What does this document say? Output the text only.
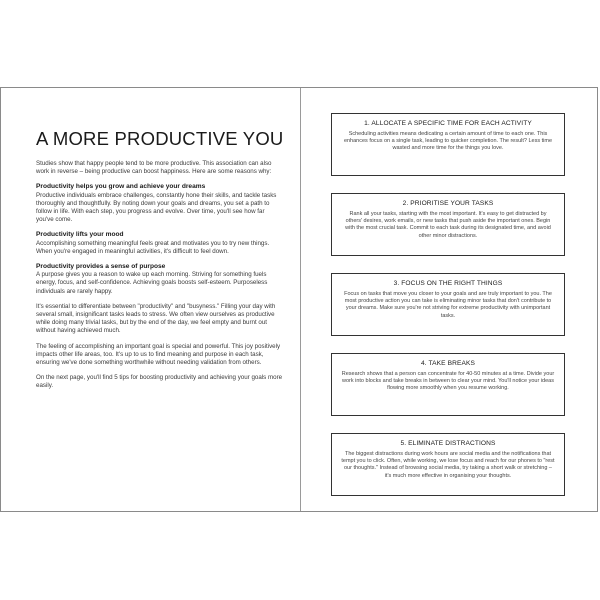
A MORE PRODUCTIVE YOU

Studies show that happy people tend to be more productive. This association can also work in reverse – being productive can boost happiness. Here are some reasons why:

Productivity helps you grow and achieve your dreams

Productive individuals embrace challenges, constantly hone their skills, and tackle tasks thoroughly and thoughtfully. By noting down your goals and dreams, you set a path to follow in life. With each step, you progress and evolve. Over time, you'll see how far you've come.

Productivity lifts your mood

Accomplishing something meaningful feels great and motivates you to try new things. When you're engaged in meaningful activities, it's difficult to feel down.

Productivity provides a sense of purpose

A purpose gives you a reason to wake up each morning. Striving for something fuels energy, focus, and self-confidence. Achieving goals boosts self-esteem. Purposeless individuals are rarely happy.

It's essential to differentiate between "productivity" and "busyness." Filling your day with several small, insignificant tasks leads to stress. We often view ourselves as productive while doing many trivial tasks, but by the end of the day, we feel empty and burnt out without having achieved much.

The feeling of accomplishing an important goal is special and powerful. This joy positively impacts other life areas, too. It's up to us to find meaning and purpose in each task, ensuring we've done something worthwhile without needing validation from others.

On the next page, you'll find 5 tips for boosting productivity and achieving your goals more easily.

1. ALLOCATE A SPECIFIC TIME FOR EACH ACTIVITY

Scheduling activities means dedicating a certain amount of time to each one. This enhances focus on a single task, leading to quicker completion. The result? Less time wasted and more time for the things you love.

2. PRIORITISE YOUR TASKS

Rank all your tasks, starting with the most important. It's easy to get distracted by others' desires, work emails, or new tasks that push aside the important ones. Begin with the most crucial task. Commit to each task during its designated time, and avoid other minor distractions.

3. FOCUS ON THE RIGHT THINGS

Focus on tasks that move you closer to your goals and are truly important to you. The most productive action you can take is eliminating minor tasks that don't contribute to your dreams. Make sure you're not striving for extreme productivity with unimportant tasks.

4. TAKE BREAKS

Research shows that a person can concentrate for 40-50 minutes at a time. Divide your work into blocks and take breaks in between to clear your mind. You'll notice your ideas flowing more smoothly when you resume working.

5. ELIMINATE DISTRACTIONS

The biggest distractions during work hours are social media and the notifications that tempt you to click. Often, while working, we lose focus and reach for our phones to "rest our thoughts." Instead of browsing social media, try taking a short walk or stretching – it's much more effective in organising your thoughts.
